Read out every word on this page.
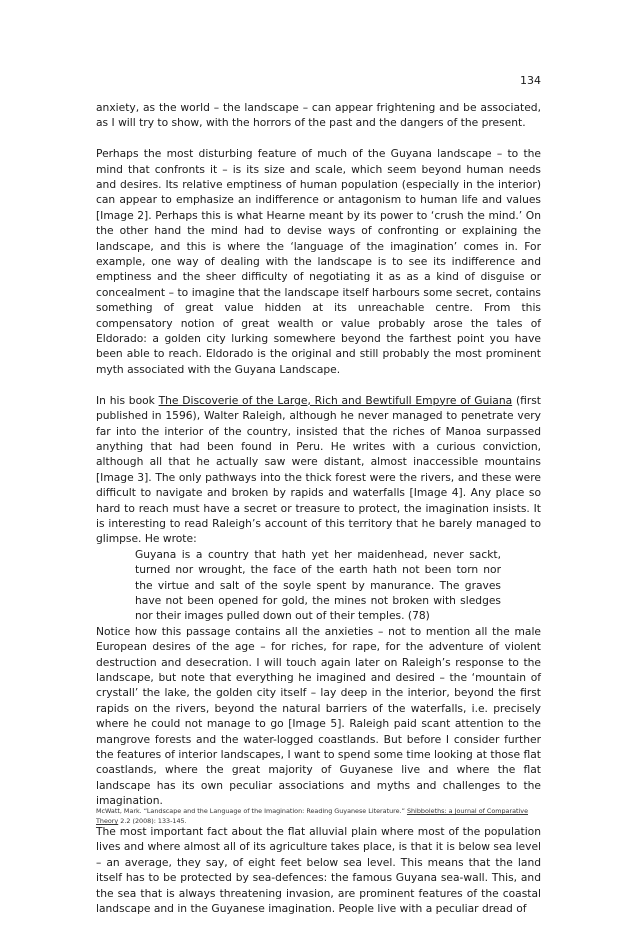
134

anxiety, as the world – the landscape – can appear frightening and be associated, as I will try to show, with the horrors of the past and the dangers of the present.

Perhaps the most disturbing feature of much of the Guyana landscape – to the mind that confronts it – is its size and scale, which seem beyond human needs and desires. Its relative emptiness of human population (especially in the interior) can appear to emphasize an indifference or antagonism to human life and values [Image 2]. Perhaps this is what Hearne meant by its power to ‘crush the mind.’ On the other hand the mind had to devise ways of confronting or explaining the landscape, and this is where the ‘language of the imagination’ comes in. For example, one way of dealing with the landscape is to see its indifference and emptiness and the sheer difficulty of negotiating it as as a kind of disguise or concealment – to imagine that the landscape itself harbours some secret, contains something of great value hidden at its unreachable centre. From this compensatory notion of great wealth or value probably arose the tales of Eldorado: a golden city lurking somewhere beyond the farthest point you have been able to reach. Eldorado is the original and still probably the most prominent myth associated with the Guyana Landscape.

In his book The Discoverie of the Large, Rich and Bewtifull Empyre of Guiana (first published in 1596), Walter Raleigh, although he never managed to penetrate very far into the interior of the country, insisted that the riches of Manoa surpassed anything that had been found in Peru. He writes with a curious conviction, although all that he actually saw were distant, almost inaccessible mountains [Image 3]. The only pathways into the thick forest were the rivers, and these were difficult to navigate and broken by rapids and waterfalls [Image 4]. Any place so hard to reach must have a secret or treasure to protect, the imagination insists. It is interesting to read Raleigh’s account of this territory that he barely managed to glimpse. He wrote:

Guyana is a country that hath yet her maidenhead, never sackt, turned nor wrought, the face of the earth hath not been torn nor the virtue and salt of the soyle spent by manurance. The graves have not been opened for gold, the mines not broken with sledges nor their images pulled down out of their temples. (78)

Notice how this passage contains all the anxieties – not to mention all the male European desires of the age – for riches, for rape, for the adventure of violent destruction and desecration. I will touch again later on Raleigh’s response to the landscape, but note that everything he imagined and desired – the ‘mountain of crystall’ the lake, the golden city itself – lay deep in the interior, beyond the first rapids on the rivers, beyond the natural barriers of the waterfalls, i.e. precisely where he could not manage to go [Image 5]. Raleigh paid scant attention to the mangrove forests and the water-logged coastlands. But before I consider further the features of interior landscapes, I want to spend some time looking at those flat coastlands, where the great majority of Guyanese live and where the flat landscape has its own peculiar associations and myths and challenges to the imagination.

The most important fact about the flat alluvial plain where most of the population lives and where almost all of its agriculture takes place, is that it is below sea level – an average, they say, of eight feet below sea level. This means that the land itself has to be protected by sea-defences: the famous Guyana sea-wall. This, and the sea that is always threatening invasion, are prominent features of the coastal landscape and in the Guyanese imagination. People live with a peculiar dread of

McWatt, Mark. “Landscape and the Language of the Imagination: Reading Guyanese Literature.” Shibboleths: a Journal of Comparative Theory 2.2 (2008): 133-145.
